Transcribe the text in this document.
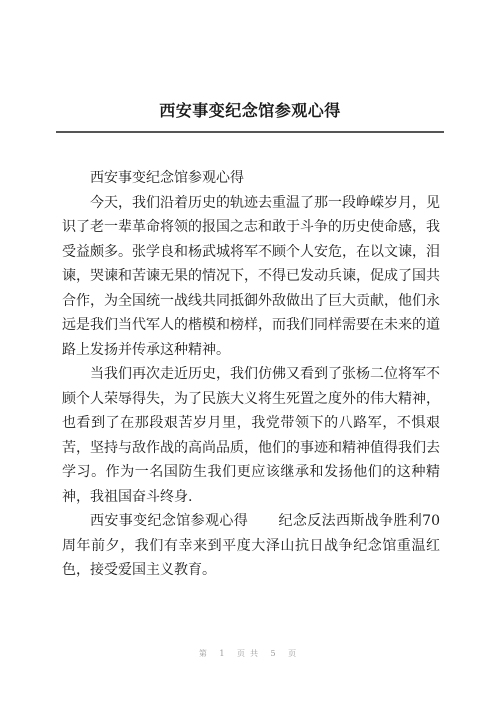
西安事变纪念馆参观心得

西安事变纪念馆参观心得

今天，我们沿着历史的轨迹去重温了那一段峥嵘岁月，见识了老一辈革命将领的报国之志和敢于斗争的历史使命感，我受益颇多。张学良和杨武城将军不顾个人安危，在以文谏，泪谏，哭谏和苦谏无果的情况下，不得已发动兵谏，促成了国共合作，为全国统一战线共同抵御外敌做出了巨大贡献，他们永远是我们当代军人的楷模和榜样，而我们同样需要在未来的道路上发扬并传承这种精神。

当我们再次走近历史，我们仿佛又看到了张杨二位将军不顾个人荣辱得失，为了民族大义将生死置之度外的伟大精神，也看到了在那段艰苦岁月里，我党带领下的八路军，不惧艰苦，坚持与敌作战的高尚品质，他们的事迹和精神值得我们去学习。作为一名国防生我们更应该继承和发扬他们的这种精神，我祖国奋斗终身.

西安事变纪念馆参观心得 纪念反法西斯战争胜利70周年前夕，我们有幸来到平度大泽山抗日战争纪念馆重温红色，接受爱国主义教育。

第 1 页共 5 页
